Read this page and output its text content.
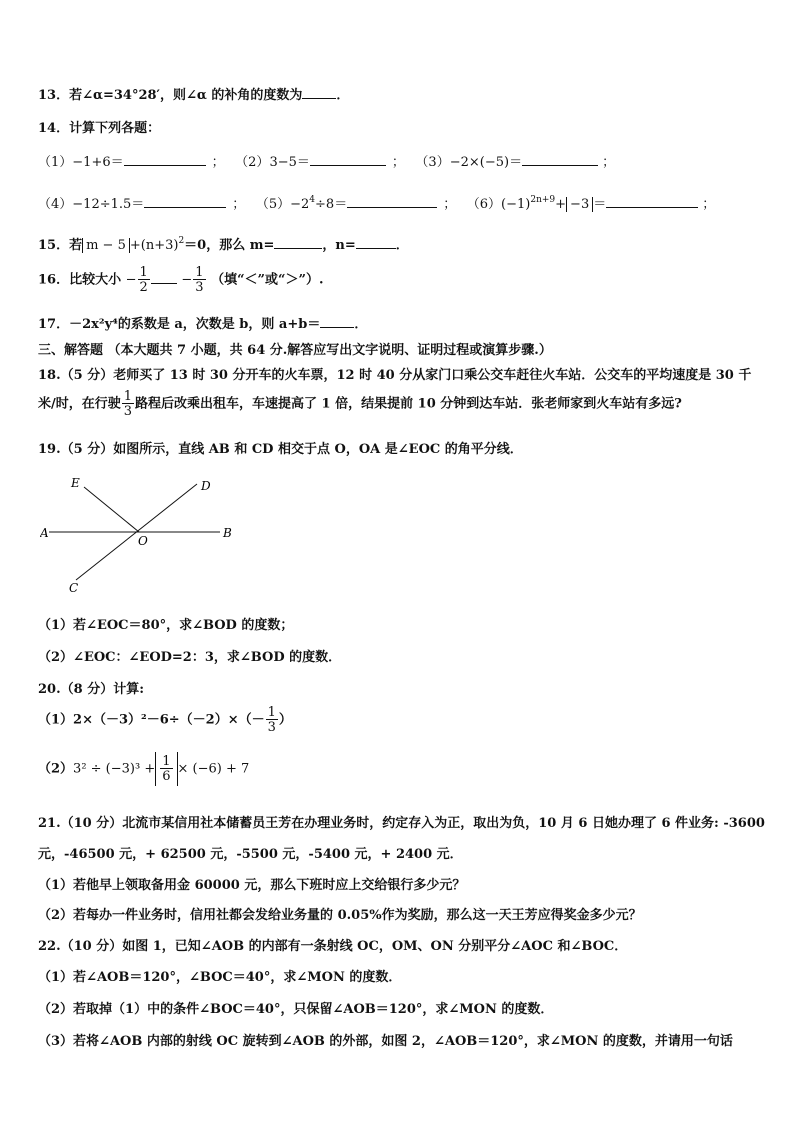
13．若∠α=34°28′，则∠α 的补角的度数为	．
14．计算下列各题：
（1）−1+6＝	； （2）3−5＝	； （3）−2×(−5)＝	；
（4）−12÷1.5＝	； $(5)-2^4\div 8=$	； $(6)(-1)^{2n+9}+ -3$ ＝	；
15．若 $m - 5 +(n+3)^2=0$，那么 m=	，n=	．
16．比较大小 − $\frac{1}{2} - \frac{1}{3}$ （填“＜”或“＞”）.
17．－2x²y⁴的系数是 a，次数是 b，则 a+b＝	．
三、解答题 （本大题共 7 小题，共 64 分.解答应写出文字说明、证明过程或演算步骤.）
18.（5 分）老师买了 13 时 30 分开车的火车票，12 时 40 分从家门口乘公交车赶往火车站．公交车的平均速度是 30 千
米/时，在行驶 $\frac{1}{3}$ 路程后改乘出租车，车速提高了 1 倍，结果提前 10 分钟到达车站．张老师家到火车站有多远?
19.（5 分）如图所示，直线 AB 和 CD 相交于点 O，OA 是∠EOC 的角平分线．
E	D
A
O
B
C
（1）若∠EOC＝80°，求∠BOD 的度数；
（2）∠EOC：∠EOD=2：3，求∠BOD 的度数．
20.（8 分）计算:
$(1)2\times(-3)^2-6\div(-2)\times(- \frac{1}{3}$ ）
$(2)3^2 \div (-3)^3 + \frac{1}{6} \times (-6) + 7$
21.（10 分）北流市某信用社本储蓄员王芳在办理业务时，约定存入为正，取出为负，10 月 6 日她办理了 6 件业务: -3600
元，-46500 元，+ 62500 元，-5500 元，-5400 元，+ 2400 元．
（1）若他早上领取备用金 60000 元，那么下班时应上交给银行多少元？
（2）若每办一件业务时，信用社都会发给业务量的 0.05%作为奖励，那么这一天王芳应得奖金多少元？
22.（10 分）如图 1，已知∠AOB 的内部有一条射线 OC，OM、ON 分别平分∠AOC 和∠BOC．
（1）若∠AOB＝120°，∠BOC＝40°，求∠MON 的度数．
（2）若取掉（1）中的条件∠BOC＝40°，只保留∠AOB＝120°，求∠MON 的度数．
（3）若将∠AOB 内部的射线 OC 旋转到∠AOB 的外部，如图 2，∠AOB＝120°，求∠MON 的度数，并请用一句话
